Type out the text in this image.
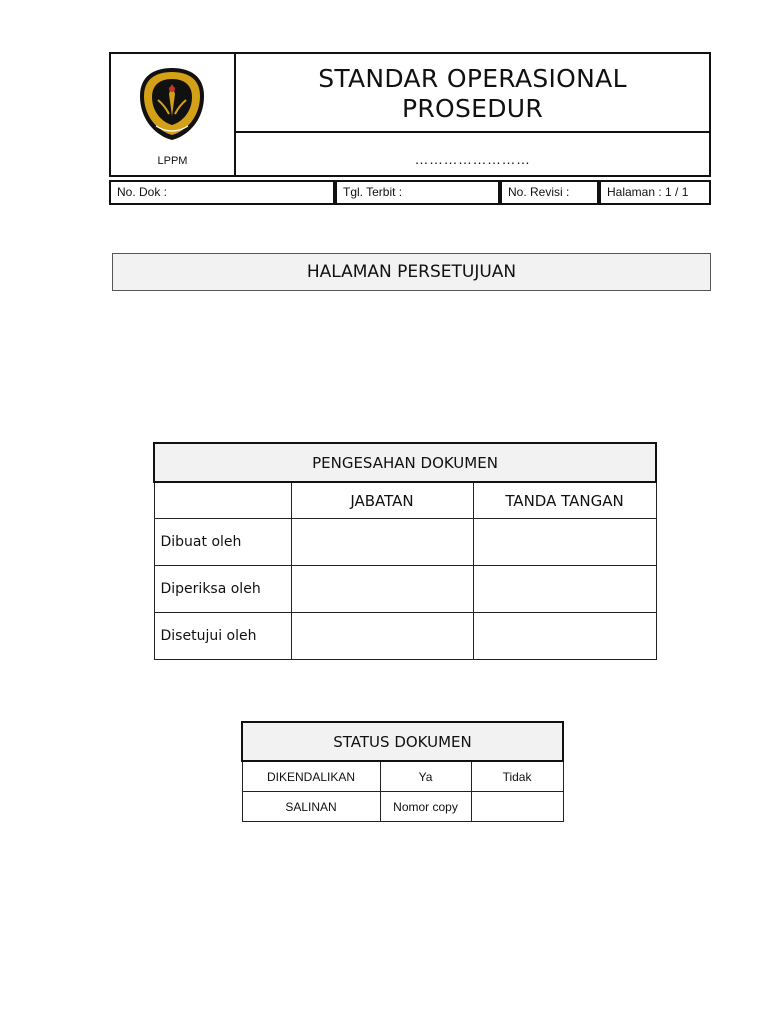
LPPM
STANDAR OPERASIONAL
PROSEDUR
……………………
No. Dok :	Tgl. Terbit :	No. Revisi :	Halaman : 1 / 1
HALAMAN PERSETUJUAN
PENGESAHAN DOKUMEN		
	JABATAN	TANDA TANGAN
Dibuat oleh		
Diperiksa oleh		
Disetujui oleh		
STATUS DOKUMEN		
DIKENDALIKAN	Ya	Tidak
SALINAN	Nomor copy	
